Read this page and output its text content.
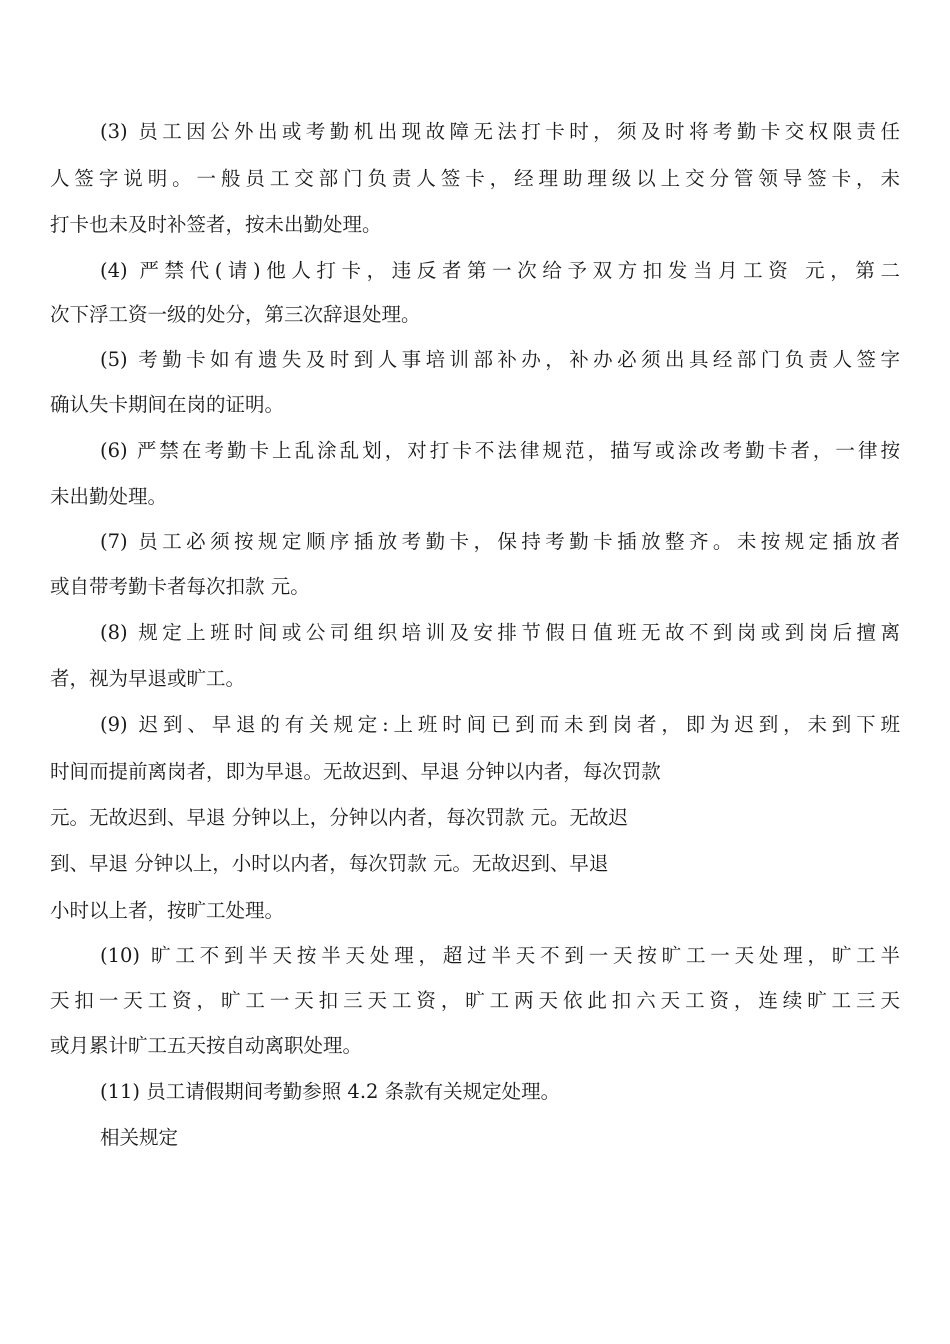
(3) 员工因公外出或考勤机出现故障无法打卡时，须及时将考勤卡交权限责任
人签字说明。一般员工交部门负责人签卡，经理助理级以上交分管领导签卡，未
打卡也未及时补签者，按未出勤处理。
(4) 严禁代(请)他人打卡，违反者第一次给予双方扣发当月工资 元，第二
次下浮工资一级的处分，第三次辞退处理。
(5) 考勤卡如有遗失及时到人事培训部补办，补办必须出具经部门负责人签字
确认失卡期间在岗的证明。
(6) 严禁在考勤卡上乱涂乱划，对打卡不法律规范，描写或涂改考勤卡者，一律按
未出勤处理。
(7) 员工必须按规定顺序插放考勤卡，保持考勤卡插放整齐。未按规定插放者
或自带考勤卡者每次扣款 元。
(8) 规定上班时间或公司组织培训及安排节假日值班无故不到岗或到岗后擅离
者，视为早退或旷工。
(9) 迟到、早退的有关规定:上班时间已到而未到岗者，即为迟到，未到下班
时间而提前离岗者，即为早退。无故迟到、早退 分钟以内者，每次罚款
元。无故迟到、早退 分钟以上，分钟以内者，每次罚款 元。无故迟
到、早退 分钟以上，小时以内者，每次罚款 元。无故迟到、早退
小时以上者，按旷工处理。
(10) 旷工不到半天按半天处理，超过半天不到一天按旷工一天处理，旷工半
天扣一天工资，旷工一天扣三天工资，旷工两天依此扣六天工资，连续旷工三天
或月累计旷工五天按自动离职处理。
(11) 员工请假期间考勤参照 4.2 条款有关规定处理。
相关规定
